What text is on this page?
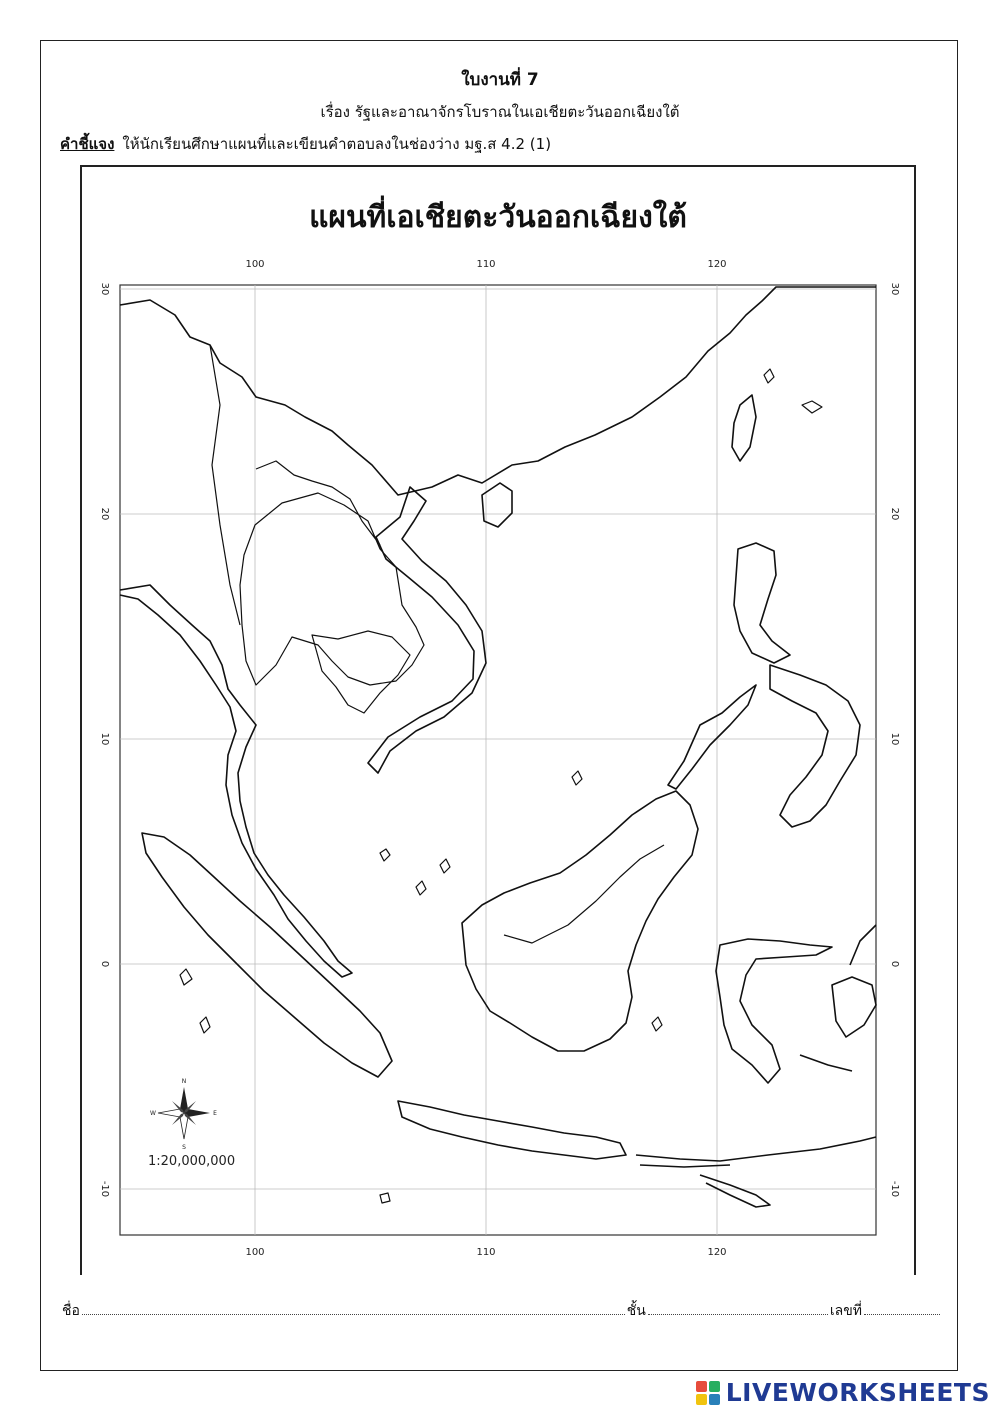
ใบงานที่ 7
เรื่อง รัฐและอาณาจักรโบราณในเอเชียตะวันออกเฉียงใต้
คำชี้แจง ให้นักเรียนศึกษาแผนที่และเขียนคำตอบลงในช่องว่าง มฐ.ส 4.2 (1)
แผนที่เอเชียตะวันออกเฉียงใต้
100	110	120
100	110	120
30
20
10
0
-10
30
20
10
0
-10
N
S
E
W
1:20,000,000
ชื่อ	ชั้น	เลขที่
LIVEWORKSHEETS
